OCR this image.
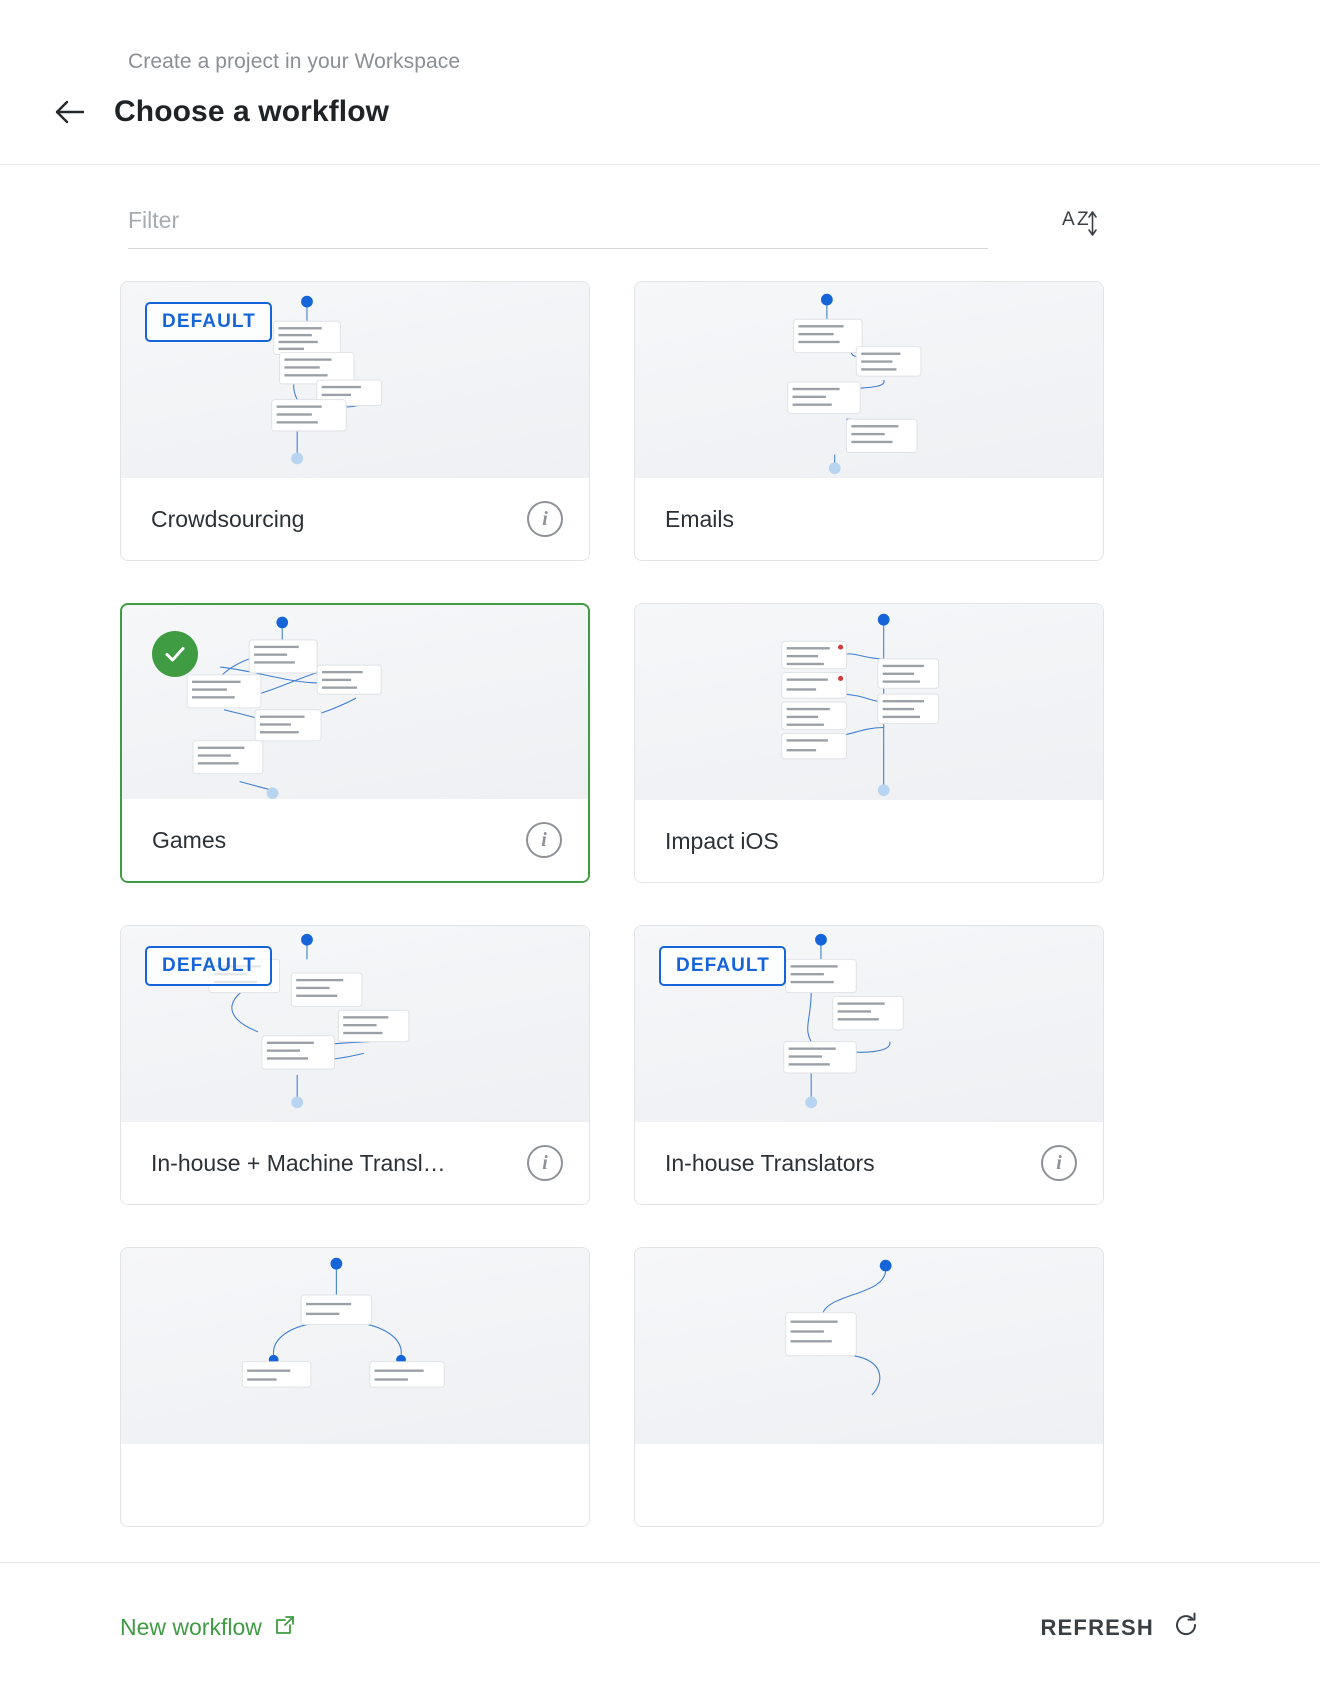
Create a project in your Workspace
Choose a workflow
Filter
A Z
DEFAULT
Crowdsourcing	i	Emails
Games	i	Impact iOS
DEFAULT
In-house + Machine Transl…	i
DEFAULT
In-house Translators	i
New workflow	REFRESH
